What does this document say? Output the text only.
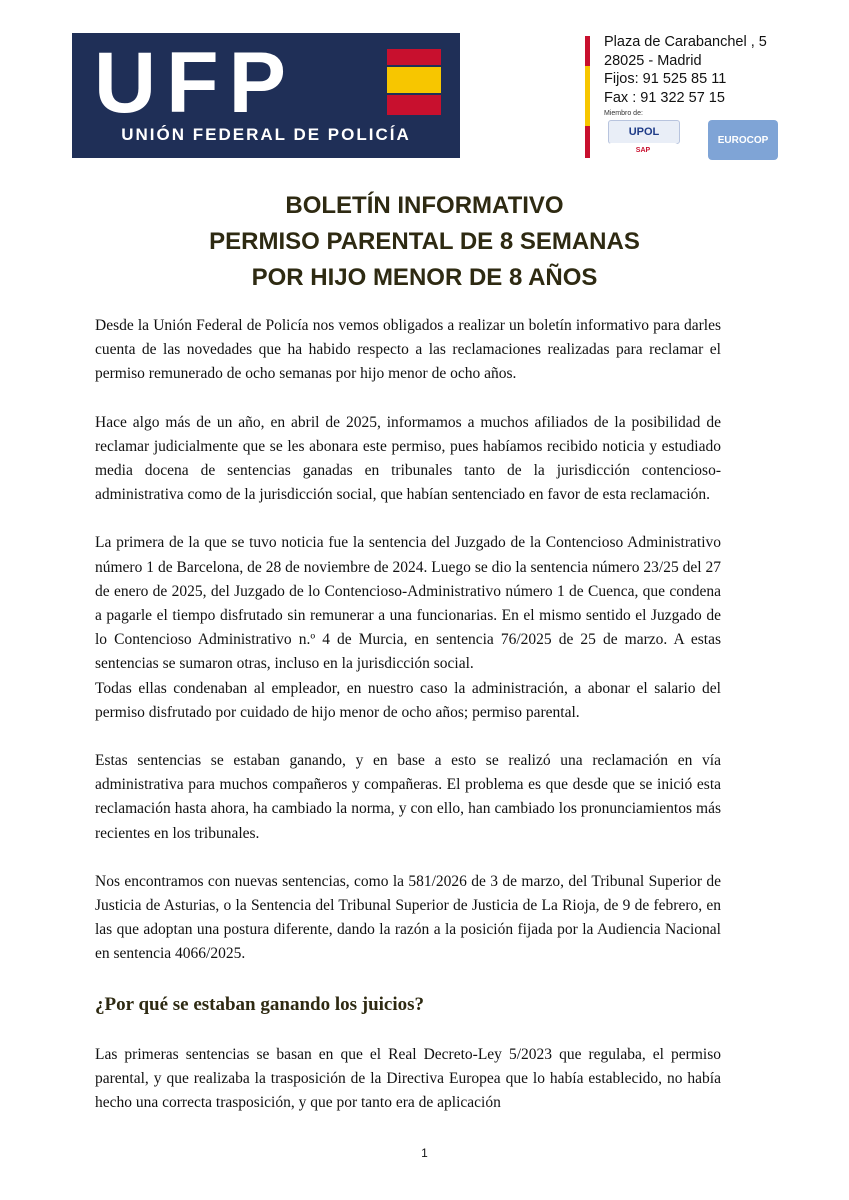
UFP
UNIÓN FEDERAL DE POLICÍA
Plaza de Carabanchel , 5
28025 - Madrid
Fijos: 91 525 85 11
Fax : 91 322 57 15
Miembro de:
UPOL
SAP
EUROCOP
BOLETÍN INFORMATIVO
PERMISO PARENTAL DE 8 SEMANAS
POR HIJO MENOR DE 8 AÑOS

Desde la Unión Federal de Policía nos vemos obligados a realizar un boletín informativo para darles cuenta de las novedades que ha habido respecto a las reclamaciones realizadas para reclamar el permiso remunerado de ocho semanas por hijo menor de ocho años.

Hace algo más de un año, en abril de 2025, informamos a muchos afiliados de la posibilidad de reclamar judicialmente que se les abonara este permiso, pues habíamos recibido noticia y estudiado media docena de sentencias ganadas en tribunales tanto de la jurisdicción contencioso-administrativa como de la jurisdicción social, que habían sentenciado en favor de esta reclamación.

La primera de la que se tuvo noticia fue la sentencia del Juzgado de la Contencioso Administrativo número 1 de Barcelona, de 28 de noviembre de 2024. Luego se dio la sentencia número 23/25 del 27 de enero de 2025, del Juzgado de lo Contencioso-Administrativo número 1 de Cuenca, que condena a pagarle el tiempo disfrutado sin remunerar a una funcionarias. En el mismo sentido el Juzgado de lo Contencioso Administrativo n.º 4 de Murcia, en sentencia 76/2025 de 25 de marzo. A estas sentencias se sumaron otras, incluso en la jurisdicción social.

Todas ellas condenaban al empleador, en nuestro caso la administración, a abonar el salario del permiso disfrutado por cuidado de hijo menor de ocho años; permiso parental.

Estas sentencias se estaban ganando, y en base a esto se realizó una reclamación en vía administrativa para muchos compañeros y compañeras. El problema es que desde que se inició esta reclamación hasta ahora, ha cambiado la norma, y con ello, han cambiado los pronunciamientos más recientes en los tribunales.

Nos encontramos con nuevas sentencias, como la 581/2026 de 3 de marzo, del Tribunal Superior de Justicia de Asturias, o la Sentencia del Tribunal Superior de Justicia de La Rioja, de 9 de febrero, en las que adoptan una postura diferente, dando la razón a la posición fijada por la Audiencia Nacional en sentencia 4066/2025.

¿Por qué se estaban ganando los juicios?

Las primeras sentencias se basan en que el Real Decreto-Ley 5/2023 que regulaba, el permiso parental, y que realizaba la trasposición de la Directiva Europea que lo había establecido, no había hecho una correcta trasposición, y que por tanto era de aplicación

1
